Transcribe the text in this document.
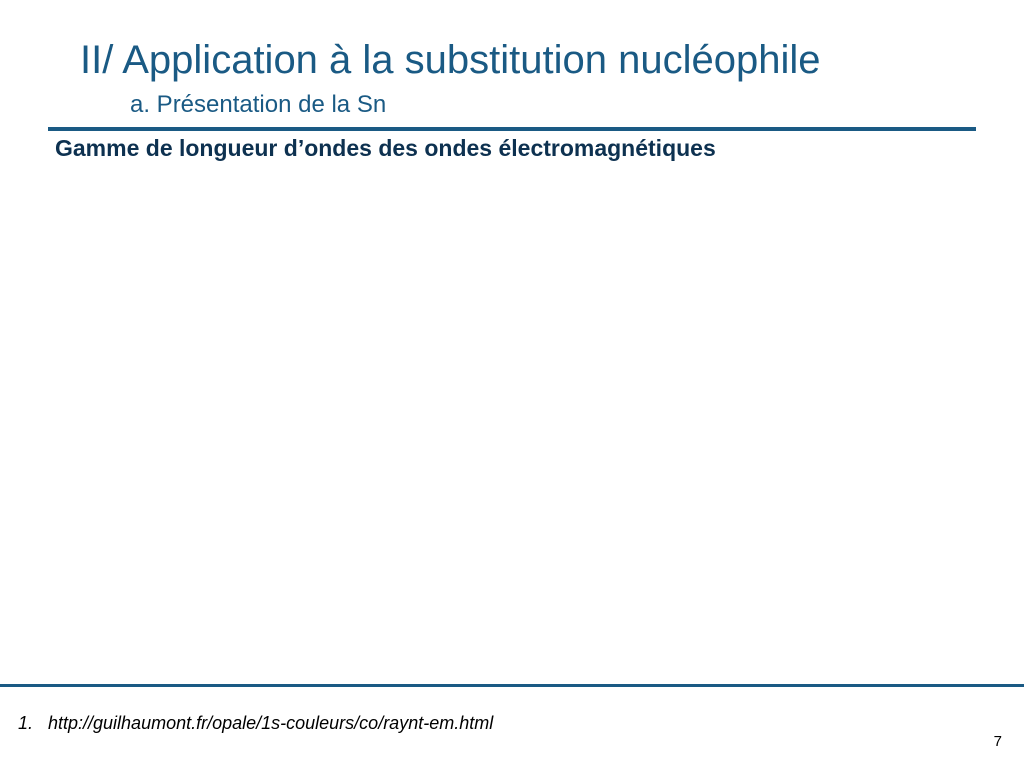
II/ Application à la substitution nucléophile
a. Présentation de la Sn
Gamme de longueur d’ondes des ondes électromagnétiques
1. http://guilhaumont.fr/opale/1s-couleurs/co/raynt-em.html
7
